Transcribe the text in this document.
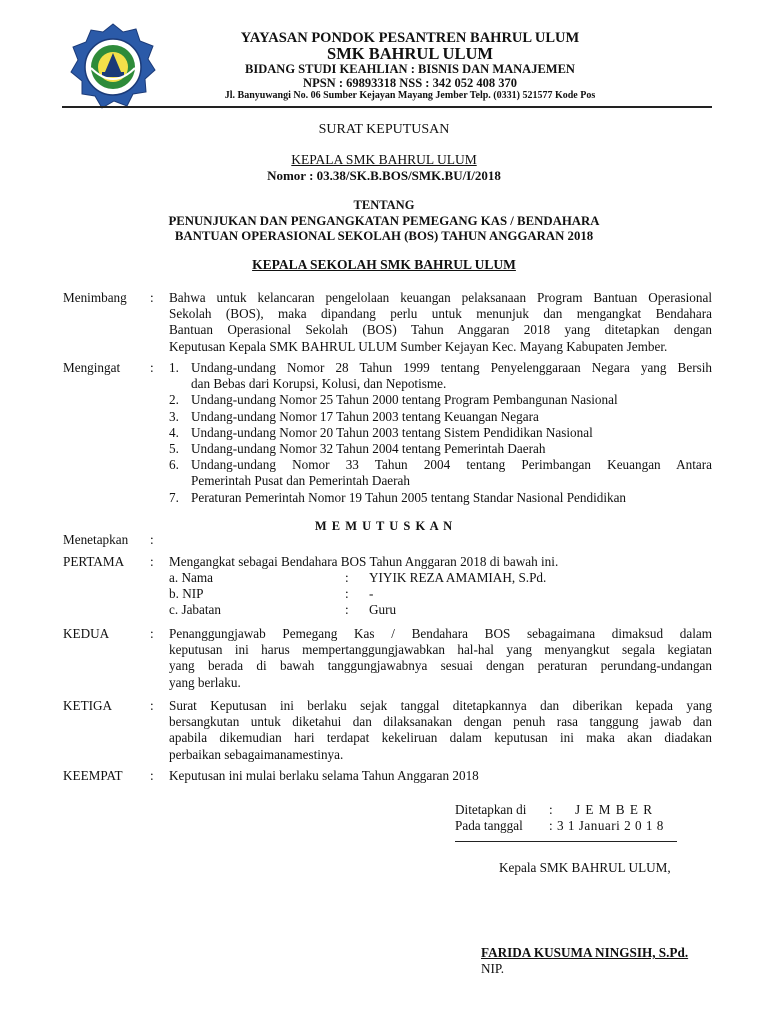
YAYASAN PONDOK PESANTREN BAHRUL ULUM
SMK BAHRUL ULUM
BIDANG STUDI KEAHLIAN : BISNIS DAN MANAJEMEN
NPSN : 69893318 NSS : 342 052 408 370
Jl. Banyuwangi No. 06 Sumber Kejayan Mayang Jember Telp. (0331) 521577 Kode Pos
SURAT KEPUTUSAN
KEPALA SMK BAHRUL ULUM
Nomor : 03.38/SK.B.BOS/SMK.BU/I/2018
TENTANG
PENUNJUKAN DAN PENGANGKATAN PEMEGANG KAS / BENDAHARA
BANTUAN OPERASIONAL SEKOLAH (BOS) TAHUN ANGGARAN 2018
KEPALA SEKOLAH SMK BAHRUL ULUM
Menimbang : Bahwa untuk kelancaran pengelolaan keuangan pelaksanaan Program Bantuan Operasional
Sekolah (BOS), maka dipandang perlu untuk menunjuk dan mengangkat Bendahara
Bantuan Operasional Sekolah (BOS) Tahun Anggaran 2018 yang ditetapkan dengan
Keputusan Kepala SMK BAHRUL ULUM Sumber Kejayan Kec. Mayang Kabupaten Jember.
Mengingat : 1. Undang-undang Nomor 28 Tahun 1999 tentang Penyelenggaraan Negara yang Bersih
dan Bebas dari Korupsi, Kolusi, dan Nepotisme.
2. Undang-undang Nomor 25 Tahun 2000 tentang Program Pembangunan Nasional
3. Undang-undang Nomor 17 Tahun 2003 tentang Keuangan Negara
4. Undang-undang Nomor 20 Tahun 2003 tentang Sistem Pendidikan Nasional
5. Undang-undang Nomor 32 Tahun 2004 tentang Pemerintah Daerah
6. Undang-undang Nomor 33 Tahun 2004 tentang Perimbangan Keuangan Antara
Pemerintah Pusat dan Pemerintah Daerah
7. Peraturan Pemerintah Nomor 19 Tahun 2005 tentang Standar Nasional Pendidikan
M E M U T U S K A N
Menetapkan :
PERTAMA : Mengangkat sebagai Bendahara BOS Tahun Anggaran 2018 di bawah ini.
a. Nama	: YIYIK REZA AMAMIAH, S.Pd.
b. NIP	: -
c. Jabatan	: Guru
KEDUA	: Penanggungjawab Pemegang Kas / Bendahara BOS sebagaimana dimaksud dalam
keputusan ini harus mempertanggungjawabkan hal-hal yang menyangkut segala kegiatan
yang berada di bawah tanggungjawabnya sesuai dengan peraturan perundang-undangan
yang berlaku.
KETIGA	: Surat Keputusan ini berlaku sejak tanggal ditetapkannya dan diberikan kepada yang
bersangkutan untuk diketahui dan dilaksanakan dengan penuh rasa tanggung jawab dan
apabila dikemudian hari terdapat kekeliruan dalam keputusan ini maka akan diadakan
perbaikan sebagaimanamestinya.
KEEMPAT : Keputusan ini mulai berlaku selama Tahun Anggaran 2018
Ditetapkan di : J E M B E R
Pada tanggal : 3 1 Januari 2 0 1 8
Kepala SMK BAHRUL ULUM,
FARIDA KUSUMA NINGSIH, S.Pd.
NIP.
